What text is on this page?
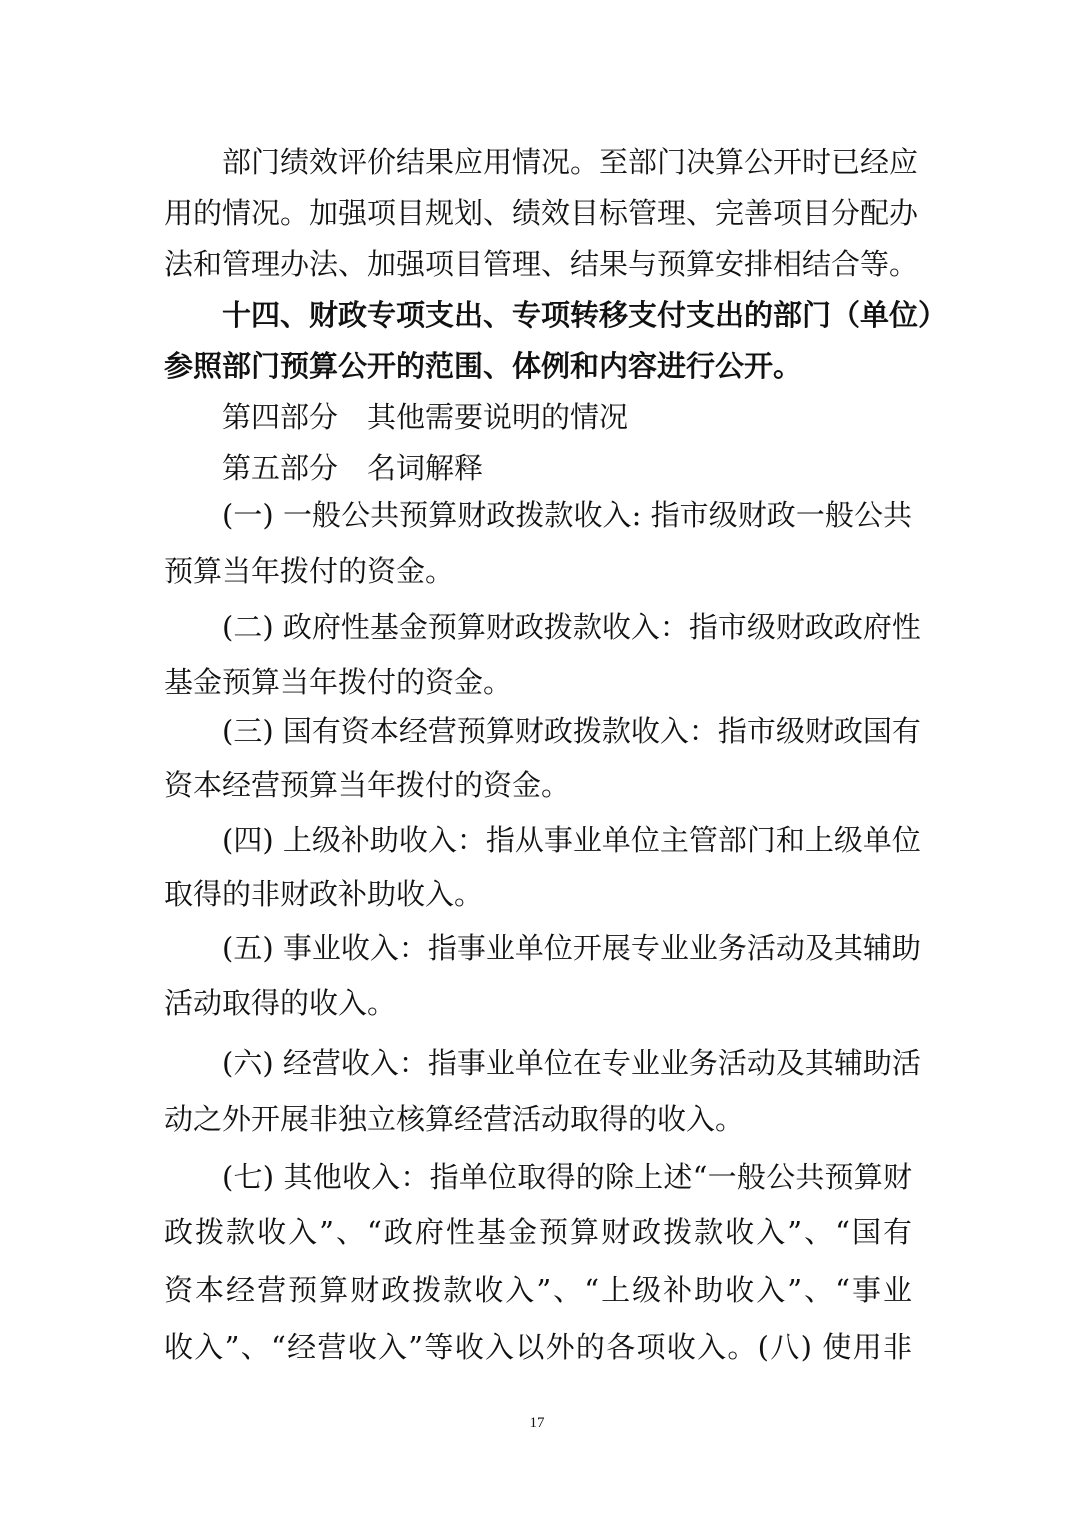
部门绩效评价结果应用情况。至部门决算公开时已经应
用的情况。加强项目规划、绩效目标管理、完善项目分配办
法和管理办法、加强项目管理、结果与预算安排相结合等。
十四、财政专项支出、专项转移支付支出的部门（单位）
参照部门预算公开的范围、体例和内容进行公开。
第四部分　其他需要说明的情况
第五部分　名词解释
(一) 一般公共预算财政拨款收入: 指市级财政一般公共
预算当年拨付的资金。
(二) 政府性基金预算财政拨款收入：指市级财政政府性
基金预算当年拨付的资金。
(三) 国有资本经营预算财政拨款收入：指市级财政国有
资本经营预算当年拨付的资金。
(四) 上级补助收入：指从事业单位主管部门和上级单位
取得的非财政补助收入。
(五) 事业收入：指事业单位开展专业业务活动及其辅助
活动取得的收入。
(六) 经营收入：指事业单位在专业业务活动及其辅助活
动之外开展非独立核算经营活动取得的收入。
(七) 其他收入：指单位取得的除上述“一般公共预算财
政拨款收入”、“政府性基金预算财政拨款收入”、“国有
资本经营预算财政拨款收入”、“上级补助收入”、“事业
收入”、“经营收入”等收入以外的各项收入。(八) 使用非
17
